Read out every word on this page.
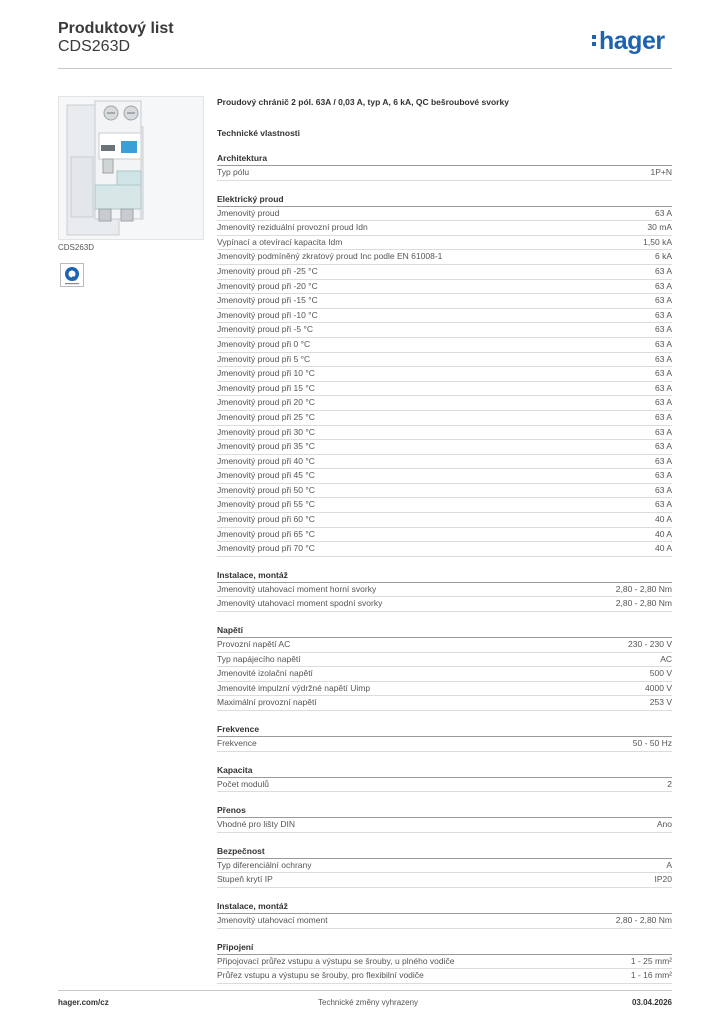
Produktový list
CDS263D	hager
CDS263D
Proudový chránič 2 pól. 63A / 0,03 A, typ A, 6 kA, QC bešroubové svorky
Technické vlastnosti
Architektura
Typ pólu	1P+N
Elektrický proud
Jmenovitý proud	63 A
Jmenovitý reziduální provozní proud Idn	30 mA
Vypínací a otevírací kapacita Idm	1,50 kA
Jmenovitý podmíněný zkratový proud Inc podle EN 61008-1	6 kA
Jmenovitý proud při -25 °C	63 A
Jmenovitý proud při -20 °C	63 A
Jmenovitý proud při -15 °C	63 A
Jmenovitý proud při -10 °C	63 A
Jmenovitý proud při -5 °C	63 A
Jmenovitý proud při 0 °C	63 A
Jmenovitý proud při 5 °C	63 A
Jmenovitý proud při 10 °C	63 A
Jmenovitý proud při 15 °C	63 A
Jmenovitý proud při 20 °C	63 A
Jmenovitý proud při 25 °C	63 A
Jmenovitý proud při 30 °C	63 A
Jmenovitý proud při 35 °C	63 A
Jmenovitý proud při 40 °C	63 A
Jmenovitý proud při 45 °C	63 A
Jmenovitý proud při 50 °C	63 A
Jmenovitý proud při 55 °C	63 A
Jmenovitý proud při 60 °C	40 A
Jmenovitý proud při 65 °C	40 A
Jmenovitý proud při 70 °C	40 A
Instalace, montáž
Jmenovitý utahovací moment horní svorky	2,80 - 2,80 Nm
Jmenovitý utahovací moment spodní svorky	2,80 - 2,80 Nm
Napětí
Provozní napětí AC	230 - 230 V
Typ napájecího napětí	AC
Jmenovité izolační napětí	500 V
Jmenovité impulzní výdržné napětí Uimp	4000 V
Maximální provozní napětí	253 V
Frekvence
Frekvence	50 - 50 Hz
Kapacita
Počet modulů	2
Přenos
Vhodné pro lišty DIN	Ano
Bezpečnost
Typ diferenciální ochrany	A
Stupeň krytí IP	IP20
Instalace, montáž
Jmenovitý utahovací moment	2,80 - 2,80 Nm
Připojení
Připojovací průřez vstupu a výstupu se šrouby, u plného vodiče	1 - 25 mm²
Průřez vstupu a výstupu se šrouby, pro flexibilní vodiče	1 - 16 mm²
hager.com/cz	Technické změny vyhrazeny	03.04.2026
